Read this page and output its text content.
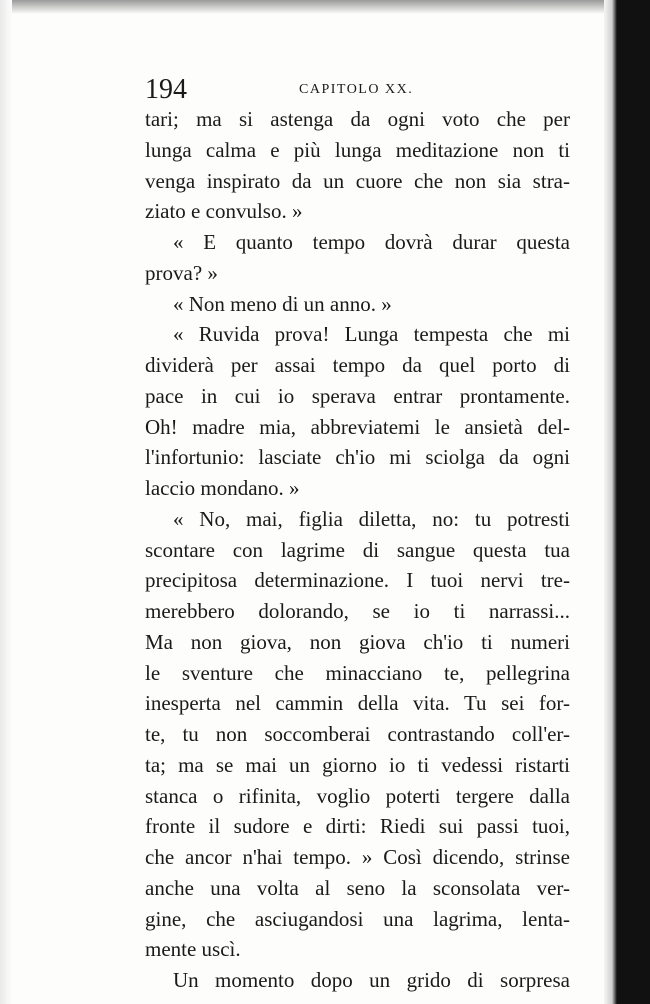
194	CAPITOLO XX.
tari; ma si astenga da ogni voto che per
lunga calma e più lunga meditazione non ti
venga inspirato da un cuore che non sia stra-
ziato e convulso. »
« E quanto tempo dovrà durar questa
prova? »
« Non meno di un anno. »
« Ruvida prova! Lunga tempesta che mi
dividerà per assai tempo da quel porto di
pace in cui io sperava entrar prontamente.
Oh! madre mia, abbreviatemi le ansietà del-
l'infortunio: lasciate ch'io mi sciolga da ogni
laccio mondano. »
« No, mai, figlia diletta, no: tu potresti
scontare con lagrime di sangue questa tua
precipitosa determinazione. I tuoi nervi tre-
merebbero dolorando, se io ti narrassi...
Ma non giova, non giova ch'io ti numeri
le sventure che minacciano te, pellegrina
inesperta nel cammin della vita. Tu sei for-
te, tu non soccomberai contrastando coll'er-
ta; ma se mai un giorno io ti vedessi ristarti
stanca o rifinita, voglio poterti tergere dalla
fronte il sudore e dirti: Riedi sui passi tuoi,
che ancor n'hai tempo. » Così dicendo, strinse
anche una volta al seno la sconsolata ver-
gine, che asciugandosi una lagrima, lenta-
mente uscì.
Un momento dopo un grido di sorpresa
